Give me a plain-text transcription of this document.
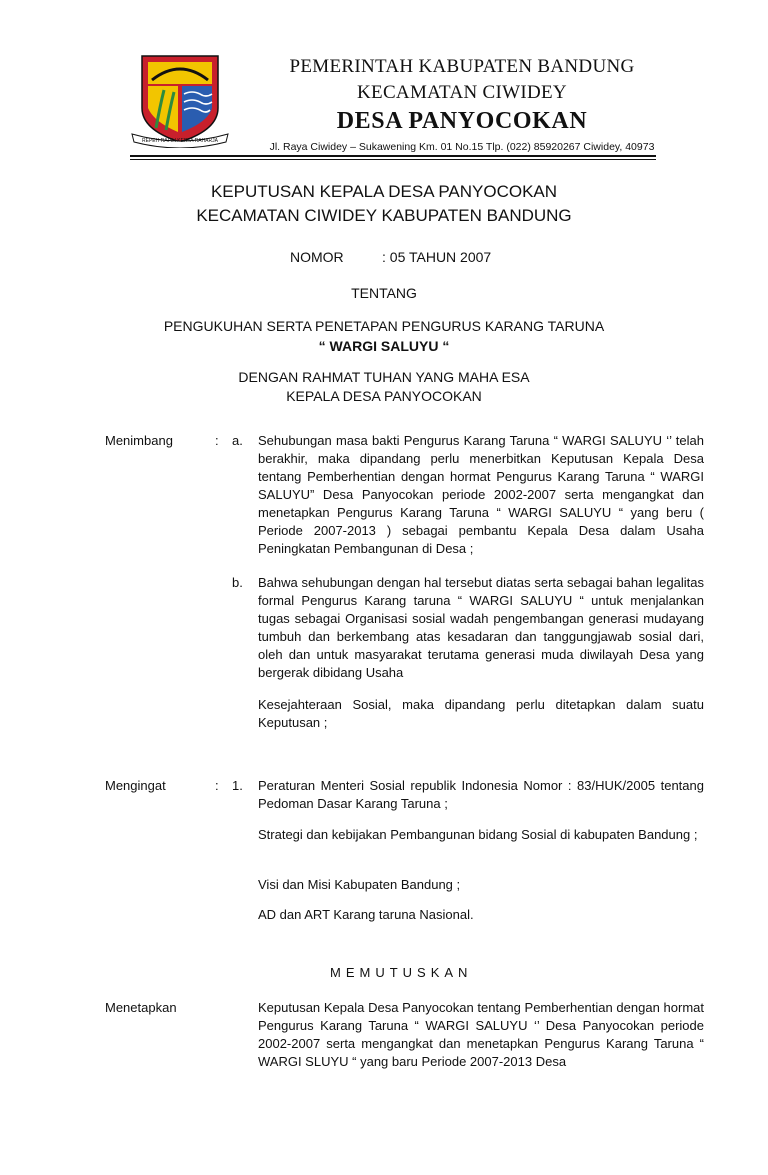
REPEH RAPIH KERTA RAHARJA
PEMERINTAH KABUPATEN BANDUNG
KECAMATAN CIWIDEY
DESA PANYOCOKAN
Jl. Raya Ciwidey – Sukawening Km. 01 No.15 Tlp. (022) 85920267 Ciwidey, 40973
KEPUTUSAN KEPALA DESA PANYOCOKAN
KECAMATAN CIWIDEY KABUPATEN BANDUNG
NOMOR	: 05 TAHUN 2007
TENTANG
PENGUKUHAN SERTA PENETAPAN PENGURUS KARANG TARUNA
“ WARGI SALUYU “
DENGAN RAHMAT TUHAN YANG MAHA ESA
KEPALA DESA PANYOCOKAN
Menimbang	: a. Sehubungan masa bakti Pengurus Karang Taruna “ WARGI SALUYU ‘’ telah berakhir, maka dipandang perlu menerbitkan Keputusan Kepala Desa tentang Pemberhentian dengan hormat Pengurus Karang Taruna “ WARGI SALUYU” Desa Panyocokan periode 2002-2007 serta mengangkat dan menetapkan Pengurus Karang Taruna “ WARGI SALUYU “ yang beru ( Periode 2007-2013 ) sebagai pembantu Kepala Desa dalam Usaha Peningkatan Pembangunan di Desa ;
b. Bahwa sehubungan dengan hal tersebut diatas serta sebagai bahan legalitas formal Pengurus Karang taruna “ WARGI SALUYU “ untuk menjalankan tugas sebagai Organisasi sosial wadah pengembangan generasi mudayang tumbuh dan berkembang atas kesadaran dan tanggungjawab sosial dari, oleh dan untuk masyarakat terutama generasi muda diwilayah Desa yang bergerak dibidang Usaha
Kesejahteraan Sosial, maka dipandang perlu ditetapkan dalam suatu Keputusan ;
Mengingat	: 1. Peraturan Menteri Sosial republik Indonesia Nomor : 83/HUK/2005 tentang Pedoman Dasar Karang Taruna ;
Strategi dan kebijakan Pembangunan bidang Sosial di kabupaten Bandung ;
Visi dan Misi Kabupaten Bandung ;
AD dan ART Karang taruna Nasional.
MEMUTUSKAN
Menetapkan	Keputusan Kepala Desa Panyocokan tentang Pemberhentian dengan hormat Pengurus Karang Taruna “ WARGI SALUYU ‘’ Desa Panyocokan periode 2002-2007 serta mengangkat dan menetapkan Pengurus Karang Taruna “ WARGI SLUYU “ yang baru Periode 2007-2013 Desa
